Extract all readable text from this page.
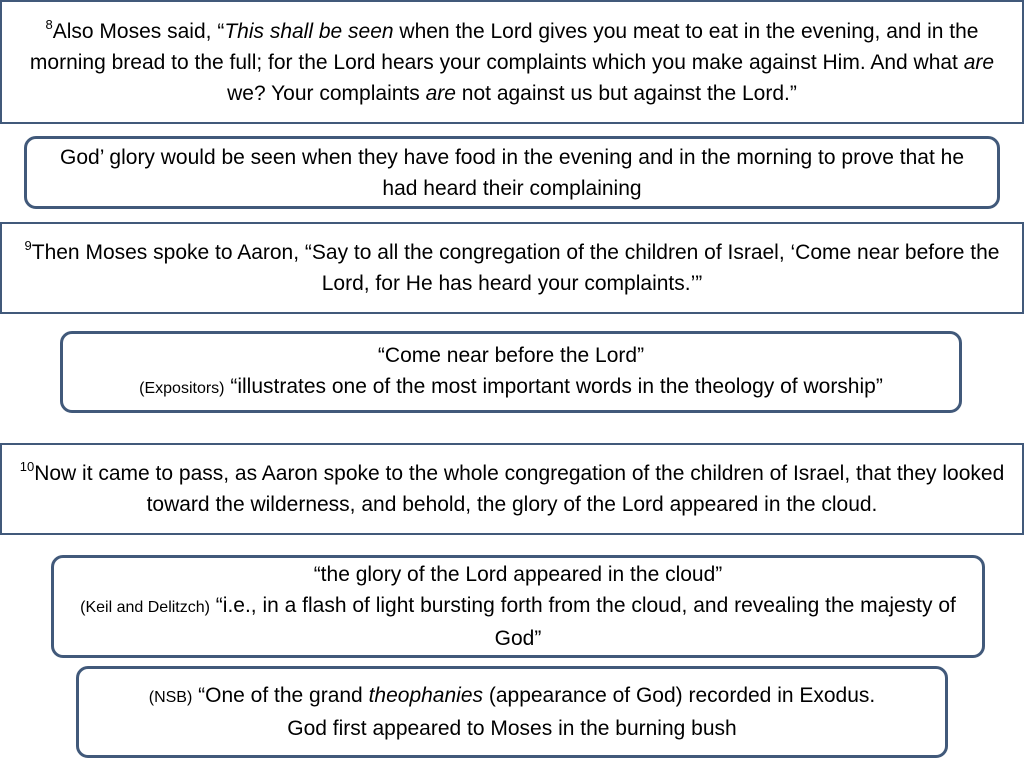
$^8$Also Moses said, “This shall be seen when the Lord gives you meat to eat in the evening, and in the morning bread to the full; for the Lord hears your complaints which you make against Him. And what are we? Your complaints are not against us but against the Lord.”
God’ glory would be seen when they have food in the evening and in the morning to prove that he had heard their complaining
$^9$Then Moses spoke to Aaron, “Say to all the congregation of the children of Israel, ‘Come near before the Lord, for He has heard your complaints.’”
“Come near before the Lord”
(Expositors) “illustrates one of the most important words in the theology of worship”
$^{10}$Now it came to pass, as Aaron spoke to the whole congregation of the children of Israel, that they looked toward the wilderness, and behold, the glory of the Lord appeared in the cloud.
“the glory of the Lord appeared in the cloud”
(Keil and Delitzch) “i.e., in a flash of light bursting forth from the cloud, and revealing the majesty of God”
(NSB) “One of the grand theophanies (appearance of God) recorded in Exodus.
God first appeared to Moses in the burning bush
